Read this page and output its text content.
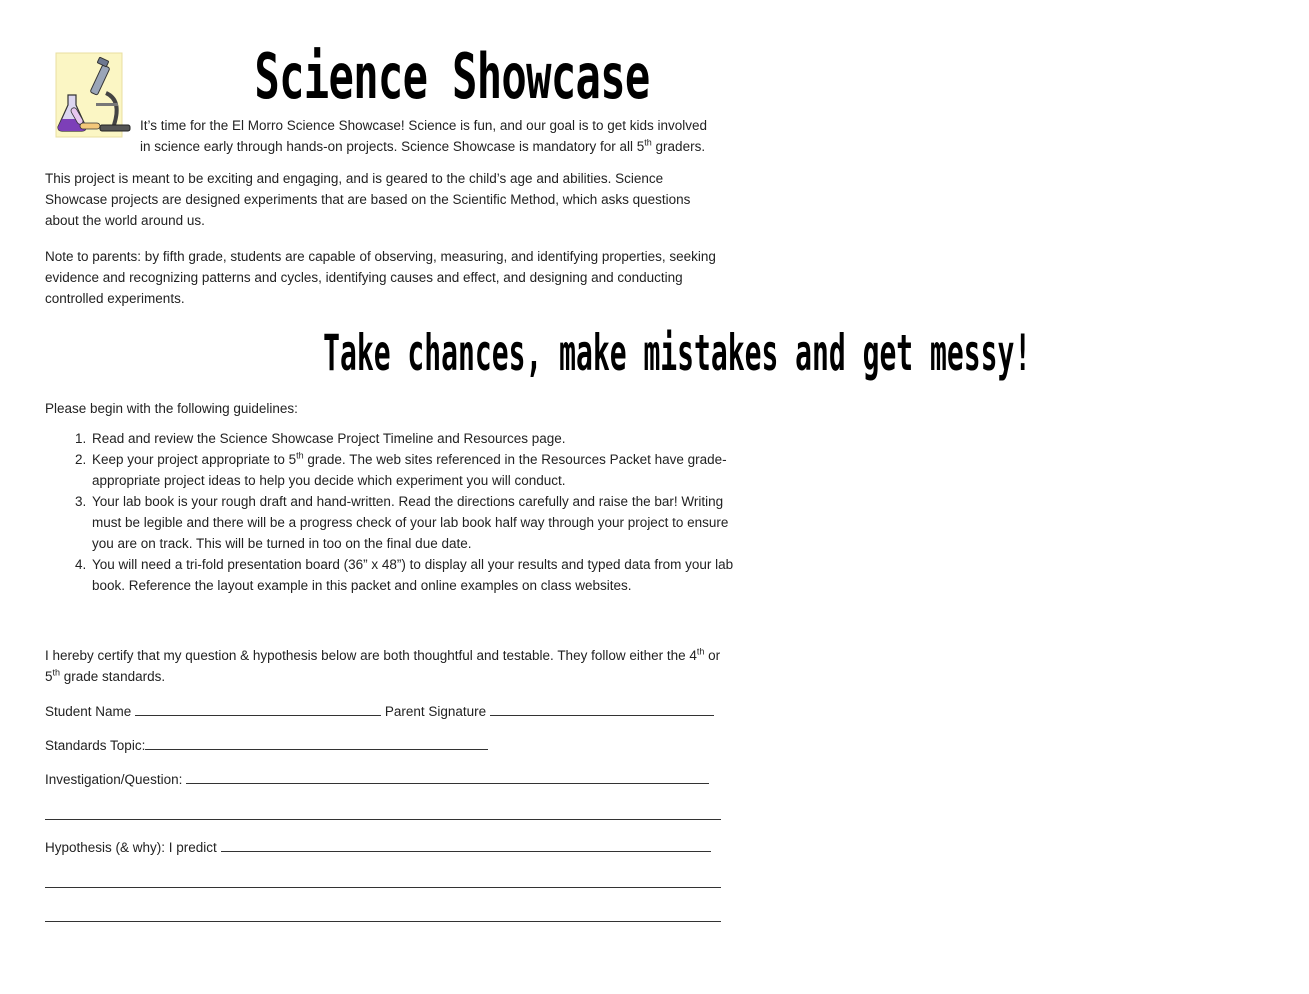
Science Showcase

It’s time for the El Morro Science Showcase! Science is fun, and our goal is to get kids involved
in science early through hands-on projects. Science Showcase is mandatory for all 5th graders.

This project is meant to be exciting and engaging, and is geared to the child’s age and abilities. Science Showcase projects are designed experiments that are based on the Scientific Method, which asks questions about the world around us.

Note to parents: by fifth grade, students are capable of observing, measuring, and identifying properties, seeking evidence and recognizing patterns and cycles, identifying causes and effect, and designing and conducting controlled experiments.

Take chances, make mistakes and get messy!

Please begin with the following guidelines:

1. Read and review the Science Showcase Project Timeline and Resources page.
2. Keep your project appropriate to 5th grade. The web sites referenced in the Resources Packet have grade-appropriate project ideas to help you decide which experiment you will conduct.
3. Your lab book is your rough draft and hand-written. Read the directions carefully and raise the bar! Writing must be legible and there will be a progress check of your lab book half way through your project to ensure you are on track. This will be turned in too on the final due date.
4. You will need a tri-fold presentation board (36” x 48”) to display all your results and typed data from your lab book. Reference the layout example in this packet and online examples on class websites.

I hereby certify that my question & hypothesis below are both thoughtful and testable. They follow either the 4th or 5th grade standards.

Student Name	Parent Signature
Standards Topic:
Investigation/Question:
Hypothesis (& why): I predict
